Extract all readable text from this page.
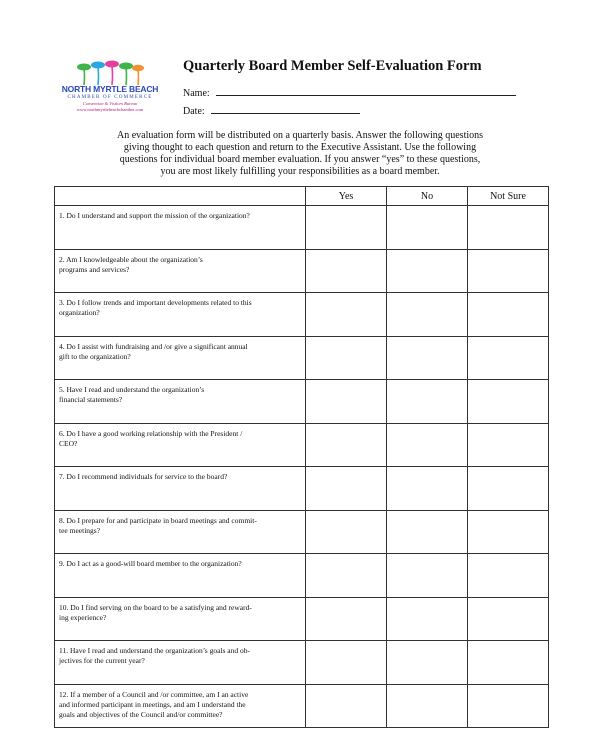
NORTH MYRTLE BEACH
CHAMBER OF COMMERCE
Convention & Visitors Bureau
www.northmyrtlebeachchamber.com
Quarterly Board Member Self-Evaluation Form
Name:
Date:
An evaluation form will be distributed on a quarterly basis. Answer the following questions
giving thought to each question and return to the Executive Assistant. Use the following
questions for individual board member evaluation. If you answer “yes” to these questions,
you are most likely fulfilling your responsibilities as a board member.
	Yes	No	Not Sure

1. Do I understand and support the mission of the organization?			

2. Am I knowledgeable about the organization’s
programs and services?			

3. Do I follow trends and important developments related to this
organization?			

4. Do I assist with fundraising and /or give a significant annual
gift to the organization?			

5. Have I read and understand the organization’s
financial statements?			

6. Do I have a good working relationship with the President /
CEO?			

7. Do I recommend individuals for service to the board?			

8. Do I prepare for and participate in board meetings and commit-
tee meetings?			

9. Do I act as a good-will board member to the organization?			

10. Do I find serving on the board to be a satisfying and reward-
ing experience?			

11. Have I read and understand the organization’s goals and ob-
jectives for the current year?			

12. If a member of a Council and /or committee, am I an active
and informed participant in meetings, and am I understand the
goals and objectives of the Council and/or committee?			
